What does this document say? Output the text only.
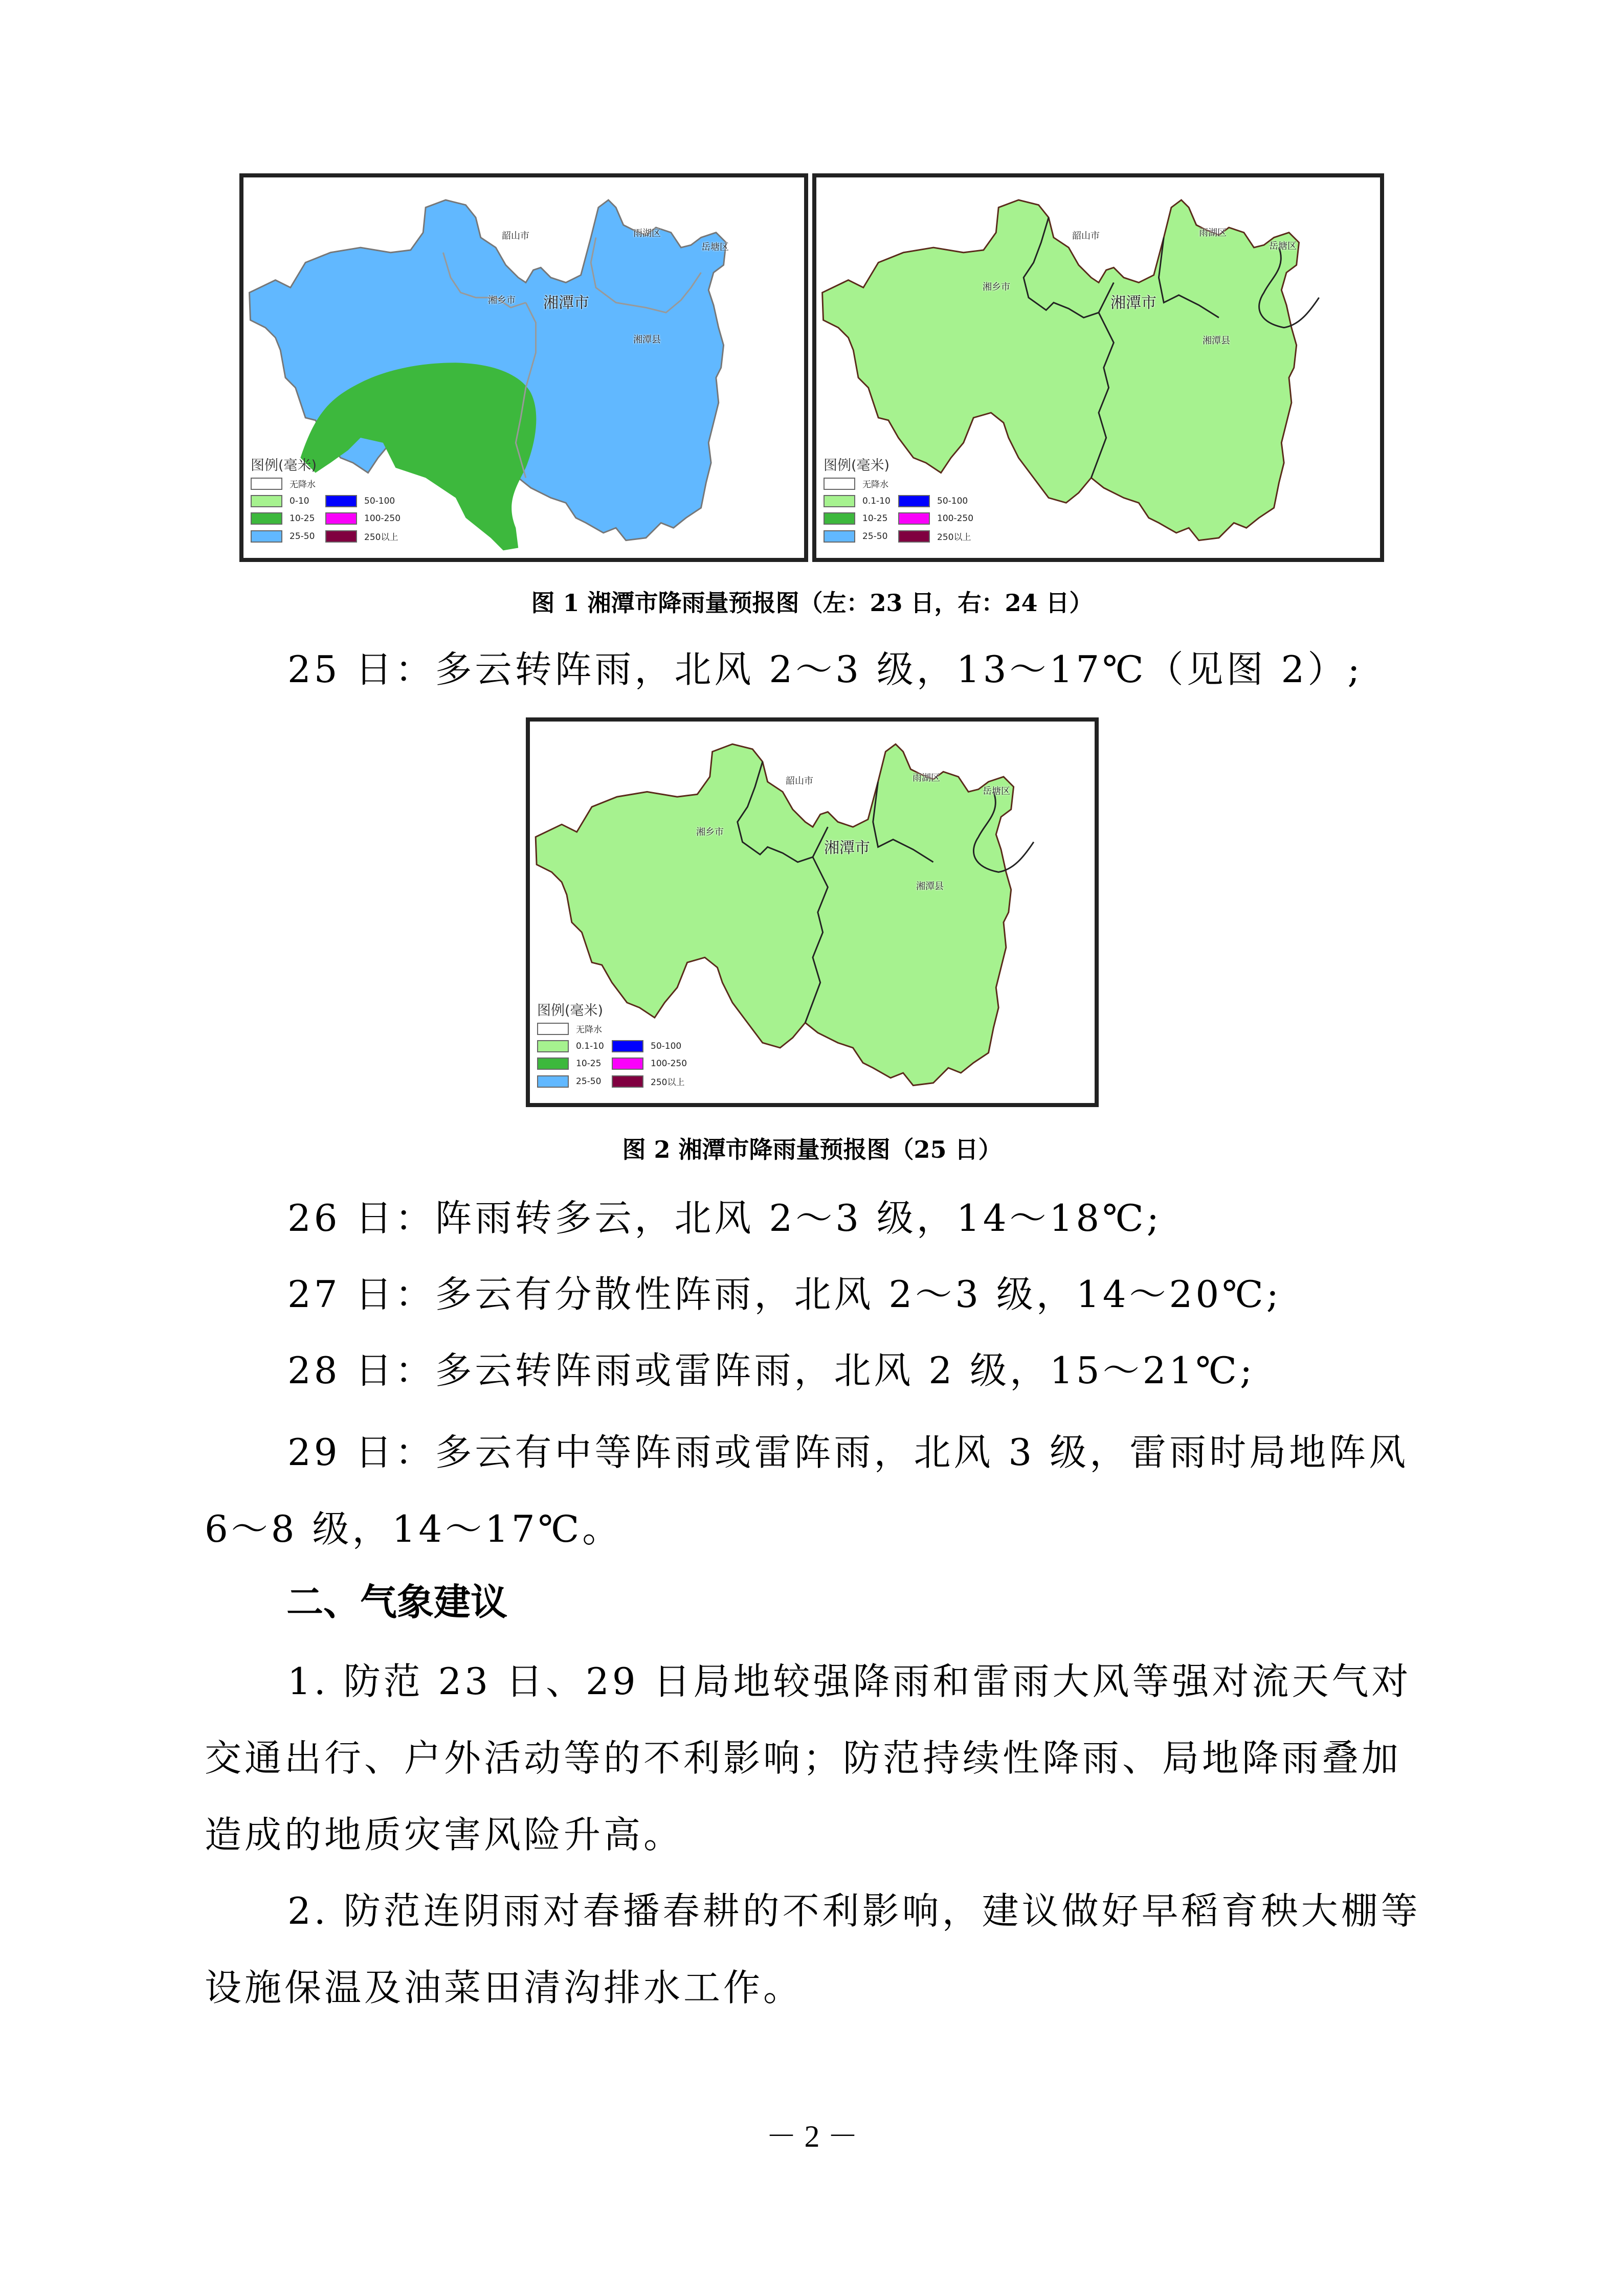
韶山市	雨湖区
岳塘区
湘乡市 湘潭市
湘潭县
图例(毫米)
无降水
0-10	50-100
10-25	100-250
25-50	250以上
韶山市	雨湖区
岳塘区
湘乡市
湘潭市
湘潭县
图例(毫米)
无降水
0.1-10	50-100
10-25	100-250
25-50	250以上
图 1 湘潭市降雨量预报图（左：23 日，右：24 日）
25 日：多云转阵雨，北风 2～3 级，13～17℃（见图 2）;
韶山市	雨湖区
岳塘区
湘乡市
湘潭市
湘潭县
图例(毫米)
无降水
0.1-10	50-100
10-25	100-250
25-50	250以上
图 2 湘潭市降雨量预报图（25 日）
26 日：阵雨转多云，北风 2～3 级，14～18℃;
27 日：多云有分散性阵雨，北风 2～3 级，14～20℃;
28 日：多云转阵雨或雷阵雨，北风 2 级，15～21℃;
29 日：多云有中等阵雨或雷阵雨，北风 3 级，雷雨时局地阵风 6～8 级，14～17℃。
二、气象建议
1. 防范 23 日、29 日局地较强降雨和雷雨大风等强对流天气对交通出行、户外活动等的不利影响；防范持续性降雨、局地降雨叠加造成的地质灾害风险升高。
2. 防范连阴雨对春播春耕的不利影响，建议做好早稻育秧大棚等设施保温及油菜田清沟排水工作。
－ 2 －
